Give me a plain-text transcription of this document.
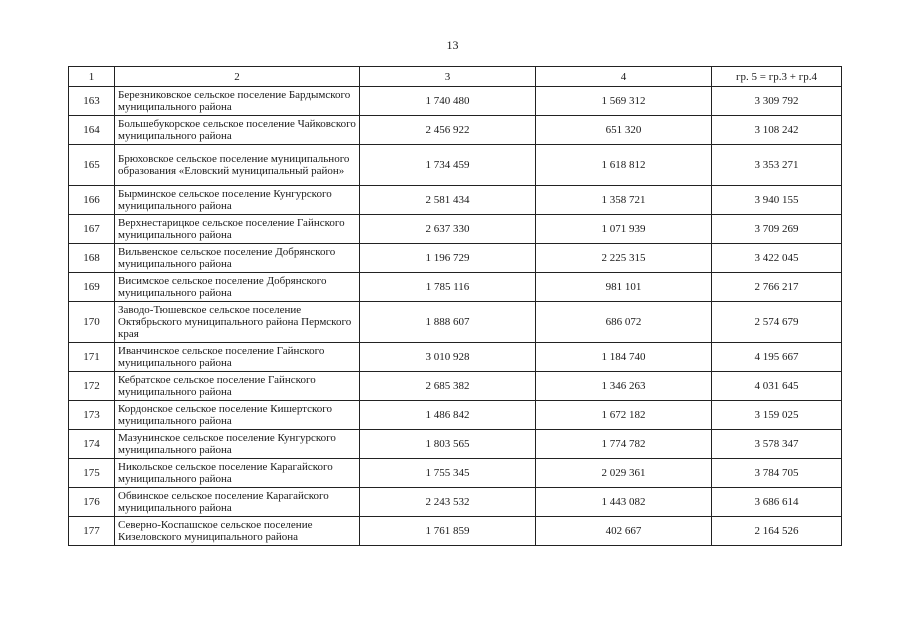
13
1	2	3	4	гр. 5 = гр.3 + гр.4
163	Березниковское сельское поселение Бардымского муниципального района	1 740 480	1 569 312	3 309 792
164	Большебукорское сельское поселение Чайковского муниципального района	2 456 922	651 320	3 108 242
165	Брюховское сельское поселение муниципального образования «Еловский муниципальный район»	1 734 459	1 618 812	3 353 271
166	Бырминское сельское поселение Кунгурского муниципального района	2 581 434	1 358 721	3 940 155
167	Верхнестарицкое сельское поселение Гайнского муниципального района	2 637 330	1 071 939	3 709 269
168	Вильвенское сельское поселение Добрянского муниципального района	1 196 729	2 225 315	3 422 045
169	Висимское сельское поселение Добрянского муниципального района	1 785 116	981 101	2 766 217
170	Заводо-Тюшевское сельское поселение Октябрьского муниципального района Пермского края	1 888 607	686 072	2 574 679
171	Иванчинское сельское поселение Гайнского муниципального района	3 010 928	1 184 740	4 195 667
172	Кебратское сельское поселение Гайнского муниципального района	2 685 382	1 346 263	4 031 645
173	Кордонское сельское поселение Кишертского муниципального района	1 486 842	1 672 182	3 159 025
174	Мазунинское сельское поселение Кунгурского муниципального района	1 803 565	1 774 782	3 578 347
175	Никольское сельское поселение Карагайского муниципального района	1 755 345	2 029 361	3 784 705
176	Обвинское сельское поселение Карагайского муниципального района	2 243 532	1 443 082	3 686 614
177	Северно-Коспашское сельское поселение Кизеловского муниципального района	1 761 859	402 667	2 164 526
